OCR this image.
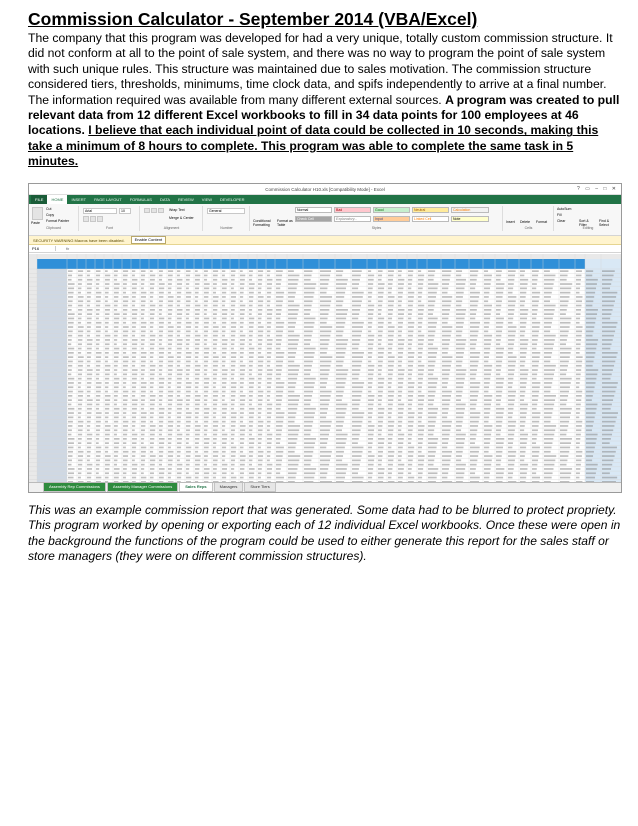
Commission Calculator - September 2014 (VBA/Excel)
The company that this program was developed for had a very unique, totally custom commission structure. It did not conform at all to the point of sale system, and there was no way to program the point of sale system with such unique rules. This structure was maintained due to sales motivation. The commission structure considered tiers, thresholds, minimums, time clock data, and spifs independently to arrive at a final number. The information required was available from many different external sources. A program was created to pull relevant data from 12 different Excel workbooks to fill in 34 data points for 100 employees at 46 locations. I believe that each individual point of data could be collected in 10 seconds, making this take a minimum of 8 hours to complete. This program was able to complete the same task in 5 minutes.
Commission Calculator H10.xls [Compatibility Mode] - Excel	? ▭ – □ ✕
FILE	HOME	INSERT	PAGE LAYOUT	FORMULAS	DATA	REVIEW	VIEW	DEVELOPER
Paste
Cut
Copy
Format Painter
Clipboard
Arial	10
Font
Wrap Text
Merge & Center
Alignment
General
Number
Conditional Formatting
Format as Table
Normal	Bad	Good	Neutral	Calculation
Check Cell	Explanatory...	Input	Linked Cell	Note
Styles
Insert Delete Format
Cells
AutoSum
Fill
Clear	Sort & Filter
Find & Select
Editing
SECURITY WARNING Macros have been disabled.	Enable Content
P16	fx
Assembly Rep Commissions	Assembly Manager Commissions	Sales Reps	Managers	Store Tiers
This was an example commission report that was generated. Some data had to be blurred to protect propriety. This program worked by opening or exporting each of 12 individual Excel workbooks. Once these were open in the background the functions of the program could be used to either generate this report for the sales staff or store managers (they were on different commission structures).
